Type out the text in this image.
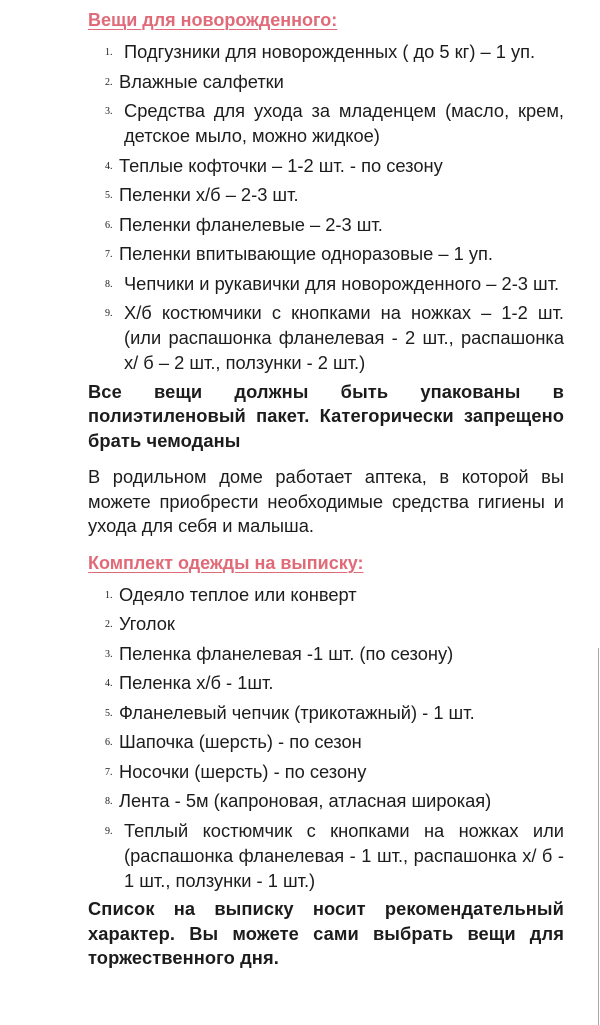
Вещи для новорожденного:
1. Подгузники для новорожденных ( до 5 кг) – 1 уп.
2. Влажные салфетки
3. Средства для ухода за младенцем (масло, крем, детское мыло, можно жидкое)
4. Теплые кофточки – 1-2 шт. - по сезону
5. Пеленки х/б – 2-3 шт.
6. Пеленки фланелевые – 2-3 шт.
7. Пеленки впитывающие одноразовые – 1 уп.
8. Чепчики и рукавички для новорожденного – 2-3 шт.
9. Х/б костюмчики с кнопками на ножках – 1-2 шт. (или распашонка фланелевая - 2 шт., распашонка х/ б – 2 шт., ползунки - 2 шт.)

Все вещи должны быть упакованы в полиэтиленовый пакет. Категорически запрещено брать чемоданы

В родильном доме работает аптека, в которой вы можете приобрести необходимые средства гигиены и ухода для себя и малыша.

Комплект одежды на выписку:
1. Одеяло теплое или конверт
2. Уголок
3. Пеленка фланелевая -1 шт. (по сезону)
4. Пеленка х/б - 1шт.
5. Фланелевый чепчик (трикотажный) - 1 шт.
6. Шапочка (шерсть) - по сезон
7. Носочки (шерсть) - по сезону
8. Лента - 5м (капроновая, атласная широкая)
9. Теплый костюмчик с кнопками на ножках или (распашонка фланелевая - 1 шт., распашонка х/ б - 1 шт., ползунки - 1 шт.)

Список на выписку носит рекомендательный характер. Вы можете сами выбрать вещи для торжественного дня.
